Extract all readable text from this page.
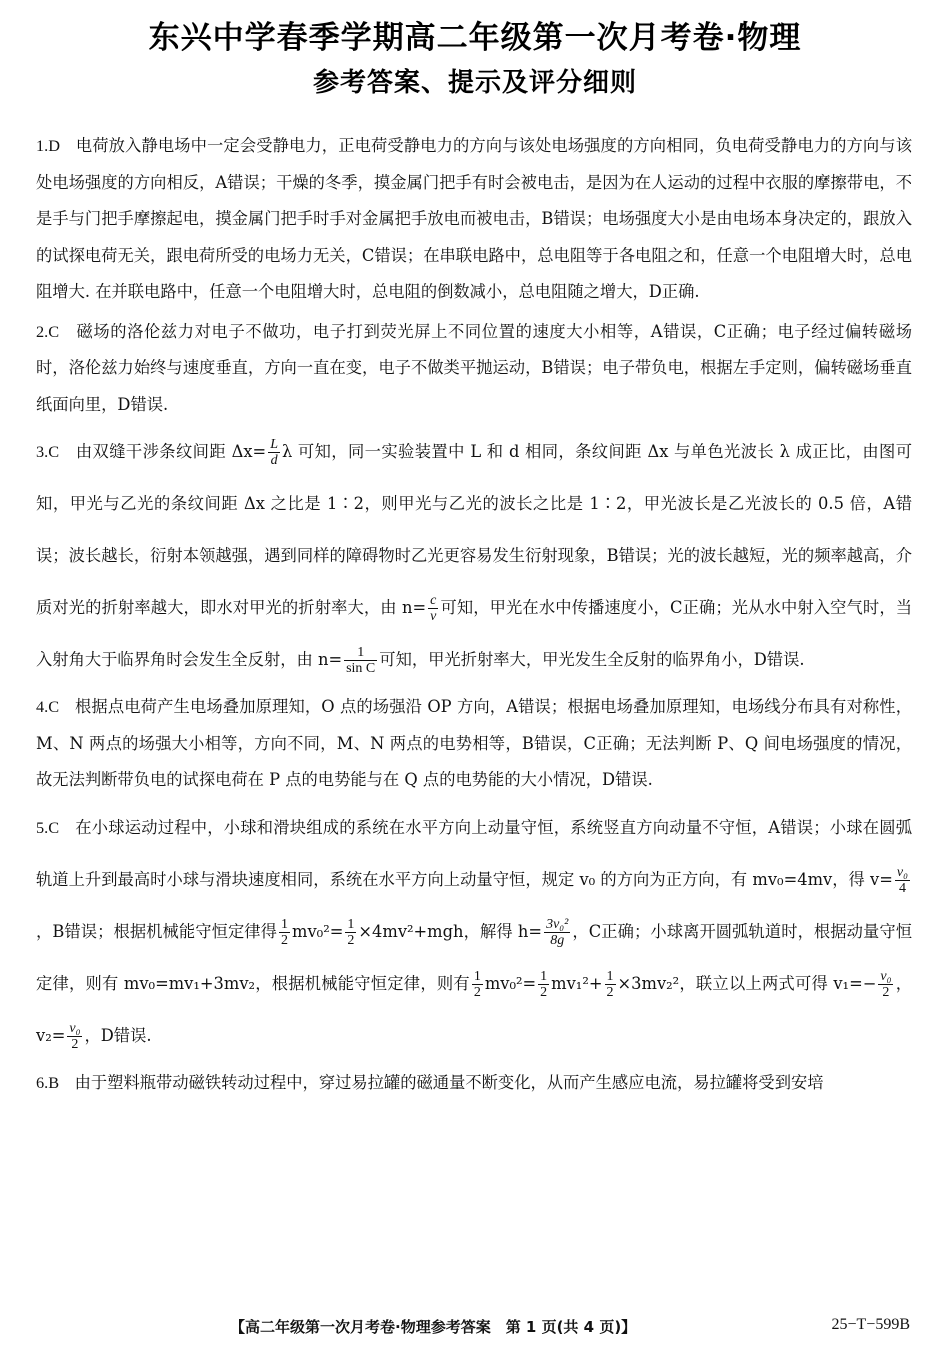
东兴中学春季学期高二年级第一次月考卷·物理
参考答案、提示及评分细则

1.D 电荷放入静电场中一定会受静电力，正电荷受静电力的方向与该处电场强度的方向相同，负电荷受静电力的方向与该处电场强度的方向相反，A错误；干燥的冬季，摸金属门把手有时会被电击，是因为在人运动的过程中衣服的摩擦带电，不是手与门把手摩擦起电，摸金属门把手时手对金属把手放电而被电击，B错误；电场强度大小是由电场本身决定的，跟放入的试探电荷无关，跟电荷所受的电场力无关，C错误；在串联电路中，总电阻等于各电阻之和，任意一个电阻增大时，总电阻增大. 在并联电路中，任意一个电阻增大时，总电阻的倒数减小，总电阻随之增大，D正确.

2.C 磁场的洛伦兹力对电子不做功，电子打到荧光屏上不同位置的速度大小相等，A错误，C正确；电子经过偏转磁场时，洛伦兹力始终与速度垂直，方向一直在变，电子不做类平抛运动，B错误；电子带负电，根据左手定则，偏转磁场垂直纸面向里，D错误.

3.C 由双缝干涉条纹间距 $\Delta x= \frac{L}{d}$ λ 可知，同一实验装置中 L 和 d 相同，条纹间距 Δx 与单色光波长 λ 成正比，由图可知，甲光与乙光的条纹间距 Δx 之比是 1∶2，则甲光与乙光的波长之比是 1∶2，甲光波长是乙光波长的 0.5 倍，A错误；波长越长，衍射本领越强，遇到同样的障碍物时乙光更容易发生衍射现象，B错误；光的波长越短，光的频率越高，介质对光的折射率越大，即水对甲光的折射率大，由 $n= \frac{c}{v}$ 可知，甲光在水中传播速度小，C正确；光从水中射入空气时，当入射角大于临界角时会发生全反射，由 $n= \frac{1}{\text{sin C}}$ 可知，甲光折射率大，甲光发生全反射的临界角小，D错误.

4.C 根据点电荷产生电场叠加原理知，O 点的场强沿 OP 方向，A错误；根据电场叠加原理知，电场线分布具有对称性，M、N 两点的场强大小相等，方向不同，M、N 两点的电势相等，B错误，C正确；无法判断 P、Q 间电场强度的情况，故无法判断带负电的试探电荷在 P 点的电势能与在 Q 点的电势能的大小情况，D错误.

5.C 在小球运动过程中，小球和滑块组成的系统在水平方向上动量守恒，系统竖直方向动量不守恒，A错误；小球在圆弧轨道上升到最高时小球与滑块速度相同，系统在水平方向上动量守恒，规定 v₀ 的方向为正方向，有 mv₀=4mv，得 $v= \frac{\text{v₀}}{4}$
，B错误；根据机械能守恒定律得 $\frac{1}{2} mv_0^2= \frac{1}{2} \times 4mv^2+mgh$，解得 $h= \frac{\text{3v₀²}}{8g}$ ，C正确；小球离开圆弧轨道时，根据动量守恒定律，则有 mv₀=mv₁+3mv₂，根据机械能守恒定律，则有 $\frac{1}{2} mv_0^2= \frac{1}{2} mv_1^2+ \frac{1}{2} \times 3mv_2^2$，联立以上两式可得 $v_1=- \frac{\text{v₀}}{2}$ ，$v_2= \frac{\text{v₀}}{2}$ ，D错误.

6.B 由于塑料瓶带动磁铁转动过程中，穿过易拉罐的磁通量不断变化，从而产生感应电流，易拉罐将受到安培

【高二年级第一次月考卷·物理参考答案　第 1 页(共 4 页)】	25−T−599B
